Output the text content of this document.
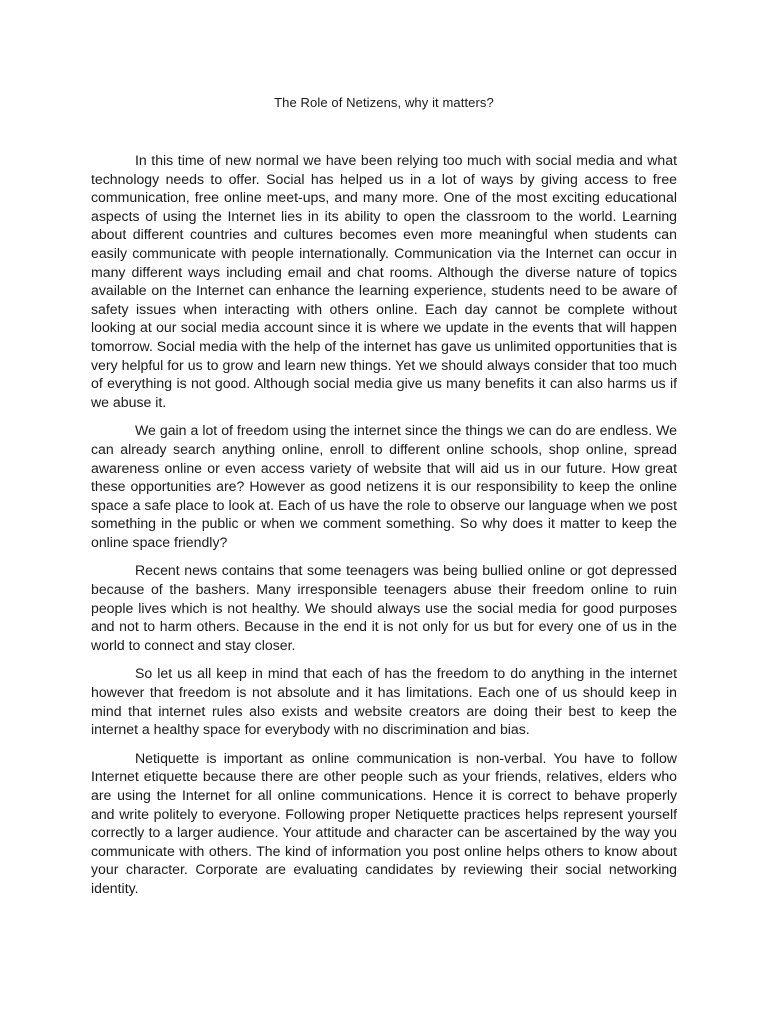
The Role of Netizens, why it matters?

In this time of new normal we have been relying too much with social media and what technology needs to offer. Social has helped us in a lot of ways by giving access to free communication, free online meet-ups, and many more. One of the most exciting educational aspects of using the Internet lies in its ability to open the classroom to the world. Learning about different countries and cultures becomes even more meaningful when students can easily communicate with people internationally. Communication via the Internet can occur in many different ways including email and chat rooms. Although the diverse nature of topics available on the Internet can enhance the learning experience, students need to be aware of safety issues when interacting with others online. Each day cannot be complete without looking at our social media account since it is where we update in the events that will happen tomorrow. Social media with the help of the internet has gave us unlimited opportunities that is very helpful for us to grow and learn new things. Yet we should always consider that too much of everything is not good. Although social media give us many benefits it can also harms us if we abuse it.

We gain a lot of freedom using the internet since the things we can do are endless. We can already search anything online, enroll to different online schools, shop online, spread awareness online or even access variety of website that will aid us in our future. How great these opportunities are? However as good netizens it is our responsibility to keep the online space a safe place to look at. Each of us have the role to observe our language when we post something in the public or when we comment something. So why does it matter to keep the online space friendly?

Recent news contains that some teenagers was being bullied online or got depressed because of the bashers. Many irresponsible teenagers abuse their freedom online to ruin people lives which is not healthy. We should always use the social media for good purposes and not to harm others. Because in the end it is not only for us but for every one of us in the world to connect and stay closer.

So let us all keep in mind that each of has the freedom to do anything in the internet however that freedom is not absolute and it has limitations. Each one of us should keep in mind that internet rules also exists and website creators are doing their best to keep the internet a healthy space for everybody with no discrimination and bias.

Netiquette is important as online communication is non-verbal. You have to follow Internet etiquette because there are other people such as your friends, relatives, elders who are using the Internet for all online communications. Hence it is correct to behave properly and write politely to everyone. Following proper Netiquette practices helps represent yourself correctly to a larger audience. Your attitude and character can be ascertained by the way you communicate with others. The kind of information you post online helps others to know about your character. Corporate are evaluating candidates by reviewing their social networking identity.
